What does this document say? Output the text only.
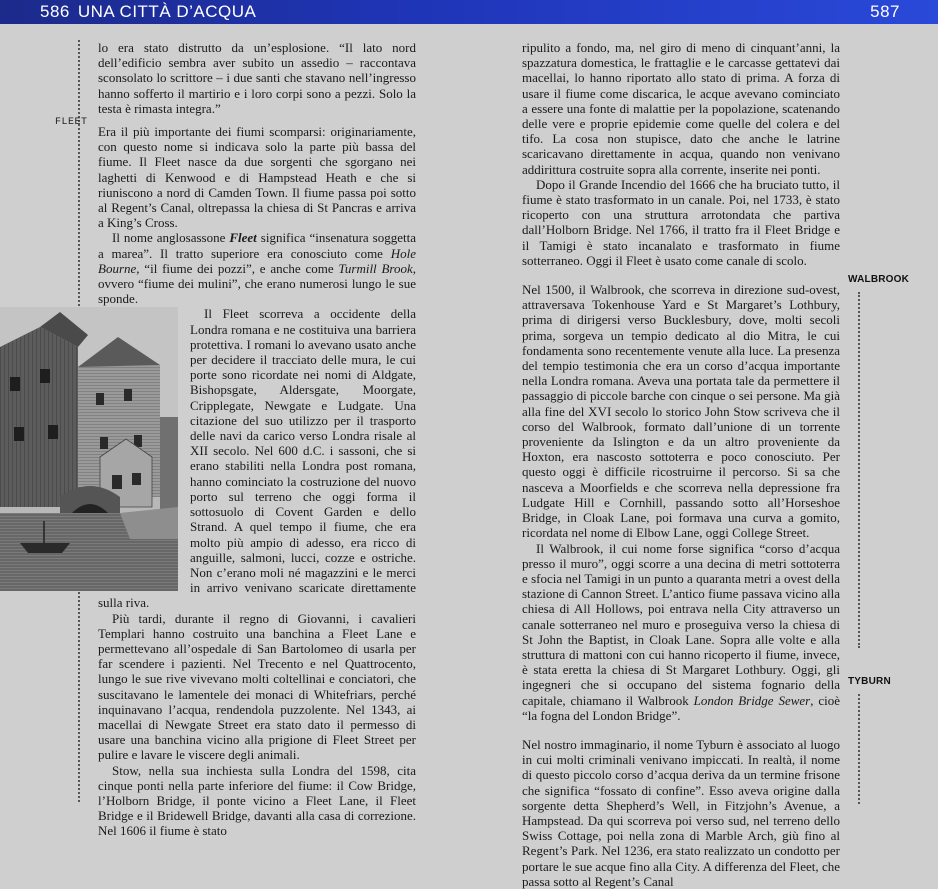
586 UNA CITTÀ D’ACQUA	587
FLEET
WALBROOK
TYBURN

lo era stato distrutto da un’esplosione. “Il lato nord dell’edificio sembra aver subito un assedio – raccontava sconsolato lo scrittore – i due santi che stavano nell’ingresso hanno sofferto il martirio e i loro corpi sono a pezzi. Solo la testa è rimasta integra.”

Era il più importante dei fiumi scomparsi: originariamente, con questo nome si indicava solo la parte più bassa del fiume. Il Fleet nasce da due sorgenti che sgorgano nei laghetti di Kenwood e di Hampstead Heath e che si riuniscono a nord di Camden Town. Il fiume passa poi sotto al Regent’s Canal, oltrepassa la chiesa di St Pancras e arriva a King’s Cross.

Il nome anglosassone Fleet significa “insenatura soggetta a marea”. Il tratto superiore era conosciuto come Hole Bourne, “il fiume dei pozzi”, e anche come Turmill Brook, ovvero “fiume dei mulini”, che erano numerosi lungo le sue sponde.

Il Fleet scorreva a occidente della Londra romana e ne costituiva una barriera protettiva. I romani lo avevano usato anche per decidere il tracciato delle mura, le cui porte sono ricordate nei nomi di Aldgate, Bishopsgate, Aldersgate, Moorgate, Cripplegate, Newgate e Ludgate. Una citazione del suo utilizzo per il trasporto delle navi da carico verso Londra risale al XII secolo. Nel 600 d.C. i sassoni, che si erano stabiliti nella Londra post romana, hanno cominciato la costruzione del nuovo porto sul terreno che oggi forma il sottosuolo di Covent Garden e dello Strand. A quel tempo il fiume, che era molto più ampio di adesso, era ricco di anguille, salmoni, lucci, cozze e ostriche. Non c’erano moli né magazzini e le merci in arrivo venivano scaricate direttamente sulla riva.

Più tardi, durante il regno di Giovanni, i cavalieri Templari hanno costruito una banchina a Fleet Lane e permettevano all’ospedale di San Bartolomeo di usarla per far scendere i pazienti. Nel Trecento e nel Quattrocento, lungo le sue rive vivevano molti coltellinai e conciatori, che suscitavano le lamentele dei monaci di Whitefriars, perché inquinavano l’acqua, rendendola puzzolente. Nel 1343, ai macellai di Newgate Street era stato dato il permesso di usare una banchina vicino alla prigione di Fleet Street per pulire e lavare le viscere degli animali.

Stow, nella sua inchiesta sulla Londra del 1598, cita cinque ponti nella parte inferiore del fiume: il Cow Bridge, l’Holborn Bridge, il ponte vicino a Fleet Lane, il Fleet Bridge e il Bridewell Bridge, davanti alla casa di correzione. Nel 1606 il fiume è stato

ripulito a fondo, ma, nel giro di meno di cinquant’anni, la spazzatura domestica, le frattaglie e le carcasse gettatevi dai macellai, lo hanno riportato allo stato di prima. A forza di usare il fiume come discarica, le acque avevano cominciato a essere una fonte di malattie per la popolazione, scatenando delle vere e proprie epidemie come quelle del colera e del tifo. La cosa non stupisce, dato che anche le latrine scaricavano direttamente in acqua, quando non venivano addirittura costruite sopra alla corrente, inserite nei ponti.

Dopo il Grande Incendio del 1666 che ha bruciato tutto, il fiume è stato trasformato in un canale. Poi, nel 1733, è stato ricoperto con una struttura arrotondata che partiva dall’Holborn Bridge. Nel 1766, il tratto fra il Fleet Bridge e il Tamigi è stato incanalato e trasformato in fiume sotterraneo. Oggi il Fleet è usato come canale di scolo.

Nel 1500, il Walbrook, che scorreva in direzione sud-ovest, attraversava Tokenhouse Yard e St Margaret’s Lothbury, prima di dirigersi verso Bucklesbury, dove, molti secoli prima, sorgeva un tempio dedicato al dio Mitra, le cui fondamenta sono recentemente venute alla luce. La presenza del tempio testimonia che era un corso d’acqua importante nella Londra romana. Aveva una portata tale da permettere il passaggio di piccole barche con cinque o sei persone. Ma già alla fine del XVI secolo lo storico John Stow scriveva che il corso del Walbrook, formato dall’unione di un torrente proveniente da Islington e da un altro proveniente da Hoxton, era nascosto sottoterra e poco conosciuto. Per questo oggi è difficile ricostruirne il percorso. Si sa che nasceva a Moorfields e che scorreva nella depressione fra Ludgate Hill e Cornhill, passando sotto all’Horseshoe Bridge, in Cloak Lane, poi formava una curva a gomito, ricordata nel nome di Elbow Lane, oggi College Street.

Il Walbrook, il cui nome forse significa “corso d’acqua presso il muro”, oggi scorre a una decina di metri sottoterra e sfocia nel Tamigi in un punto a quaranta metri a ovest della stazione di Cannon Street. L’antico fiume passava vicino alla chiesa di All Hollows, poi entrava nella City attraverso un canale sotterraneo nel muro e proseguiva verso la chiesa di St John the Baptist, in Cloak Lane. Sopra alle volte e alla struttura di mattoni con cui hanno ricoperto il fiume, invece, è stata eretta la chiesa di St Margaret Lothbury. Oggi, gli ingegneri che si occupano del sistema fognario della capitale, chiamano il Walbrook London Bridge Sewer, cioè “la fogna del London Bridge”.

Nel nostro immaginario, il nome Tyburn è associato al luogo in cui molti criminali venivano impiccati. In realtà, il nome di questo piccolo corso d’acqua deriva da un termine frisone che significa “fossato di confine”. Esso aveva origine dalla sorgente detta Shepherd’s Well, in Fitzjohn’s Avenue, a Hampstead. Da qui scorreva poi verso sud, nel terreno dello Swiss Cottage, poi nella zona di Marble Arch, giù fino al Regent’s Park. Nel 1236, era stato realizzato un condotto per portare le sue acque fino alla City. A differenza del Fleet, che passa sotto al Regent’s Canal
